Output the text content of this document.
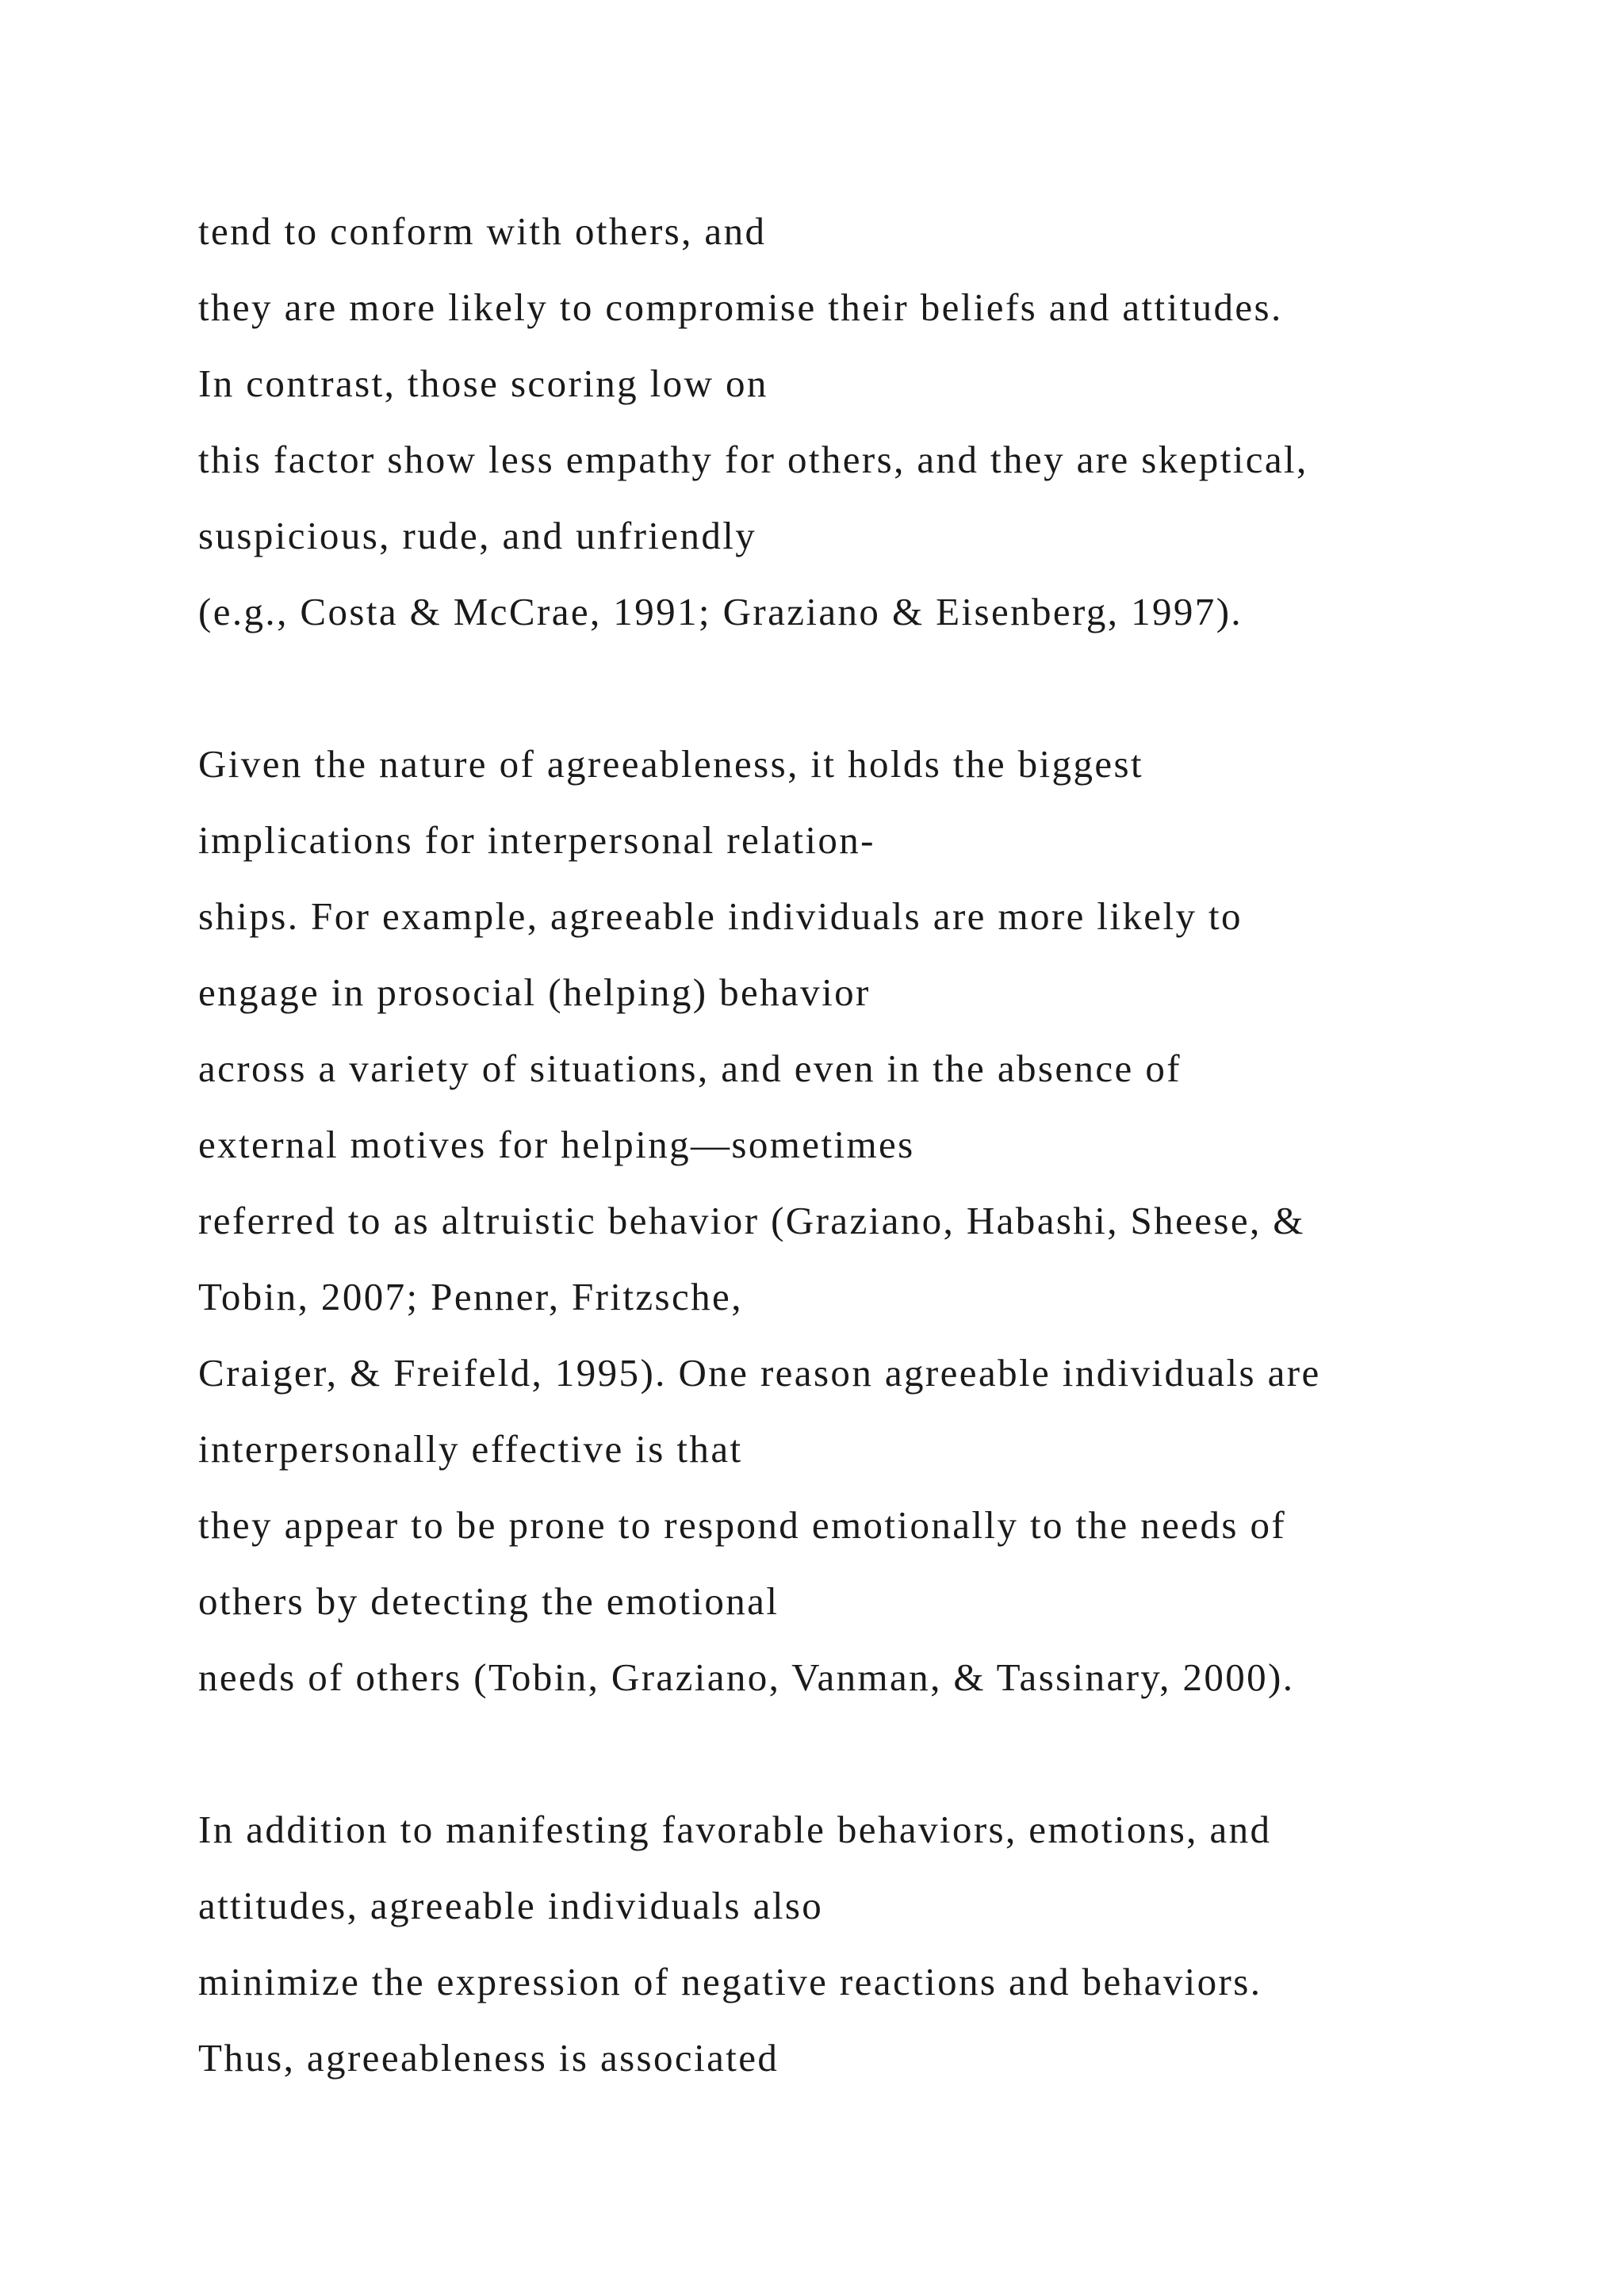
tend to conform with others, and
they are more likely to compromise their beliefs and attitudes.
In contrast, those scoring low on
this factor show less empathy for others, and they are skeptical,
suspicious, rude, and unfriendly
(e.g., Costa & McCrae, 1991; Graziano & Eisenberg, 1997).
Given the nature of agreeableness, it holds the biggest
implications for interpersonal relation-
ships. For example, agreeable individuals are more likely to
engage in prosocial (helping) behavior
across a variety of situations, and even in the absence of
external motives for helping—sometimes
referred to as altruistic behavior (Graziano, Habashi, Sheese, &
Tobin, 2007; Penner, Fritzsche,
Craiger, & Freifeld, 1995). One reason agreeable individuals are
interpersonally effective is that
they appear to be prone to respond emotionally to the needs of
others by detecting the emotional
needs of others (Tobin, Graziano, Vanman, & Tassinary, 2000).
In addition to manifesting favorable behaviors, emotions, and
attitudes, agreeable individuals also
minimize the expression of negative reactions and behaviors.
Thus, agreeableness is associated
